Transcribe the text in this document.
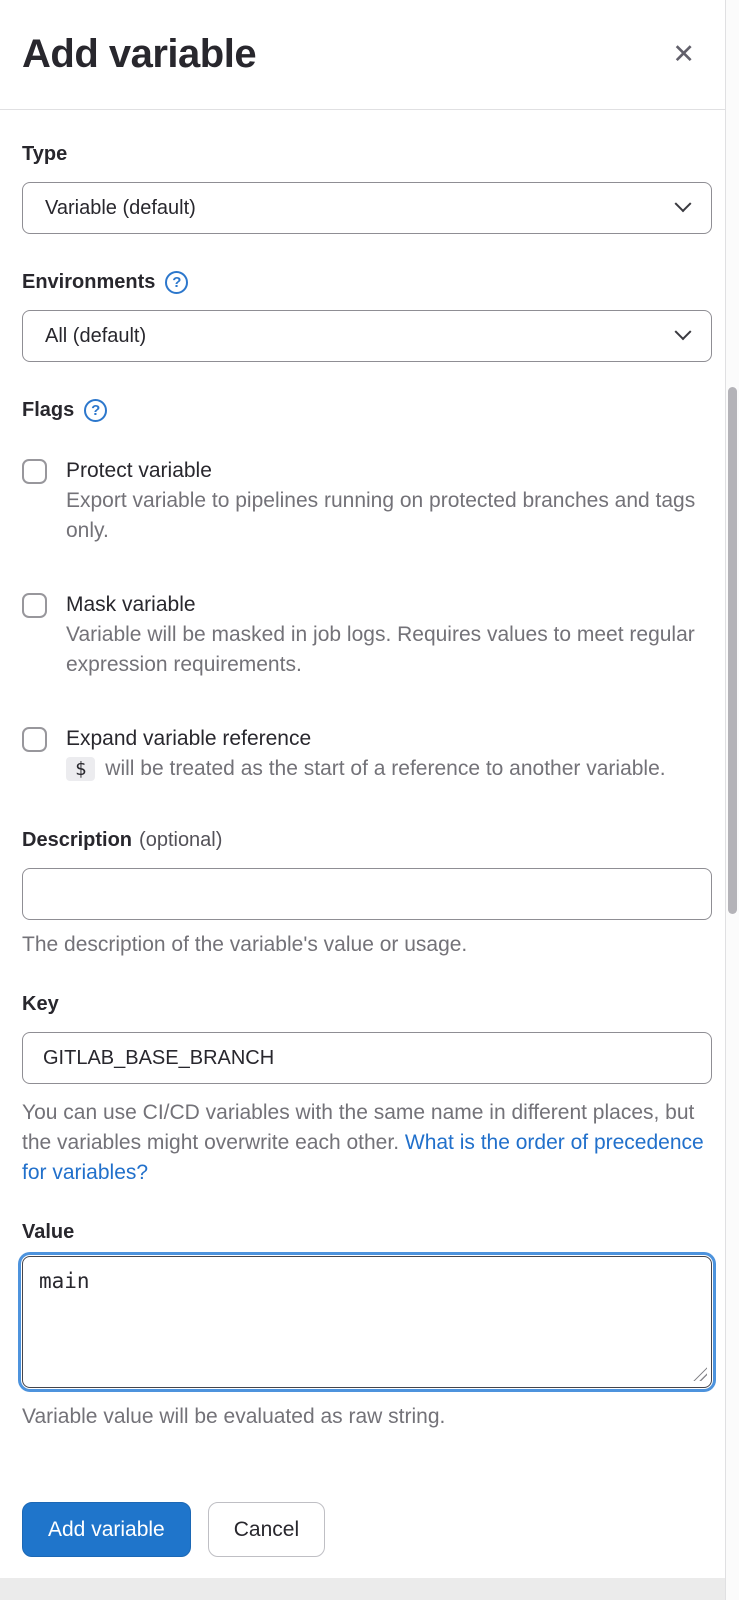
Add variable	✕
Type
Variable (default)
Environments	?
All (default)
Flags	?
Protect variable
Export variable to pipelines running on protected branches and tags only.
Mask variable
Variable will be masked in job logs. Requires values to meet regular expression requirements.
Expand variable reference
$ will be treated as the start of a reference to another variable.
Description (optional)
The description of the variable's value or usage.
Key
GITLAB_BASE_BRANCH
You can use CI/CD variables with the same name in different places, but the variables might overwrite each other. What is the order of precedence for variables?
Value
main
Variable value will be evaluated as raw string.
Add variable	Cancel
